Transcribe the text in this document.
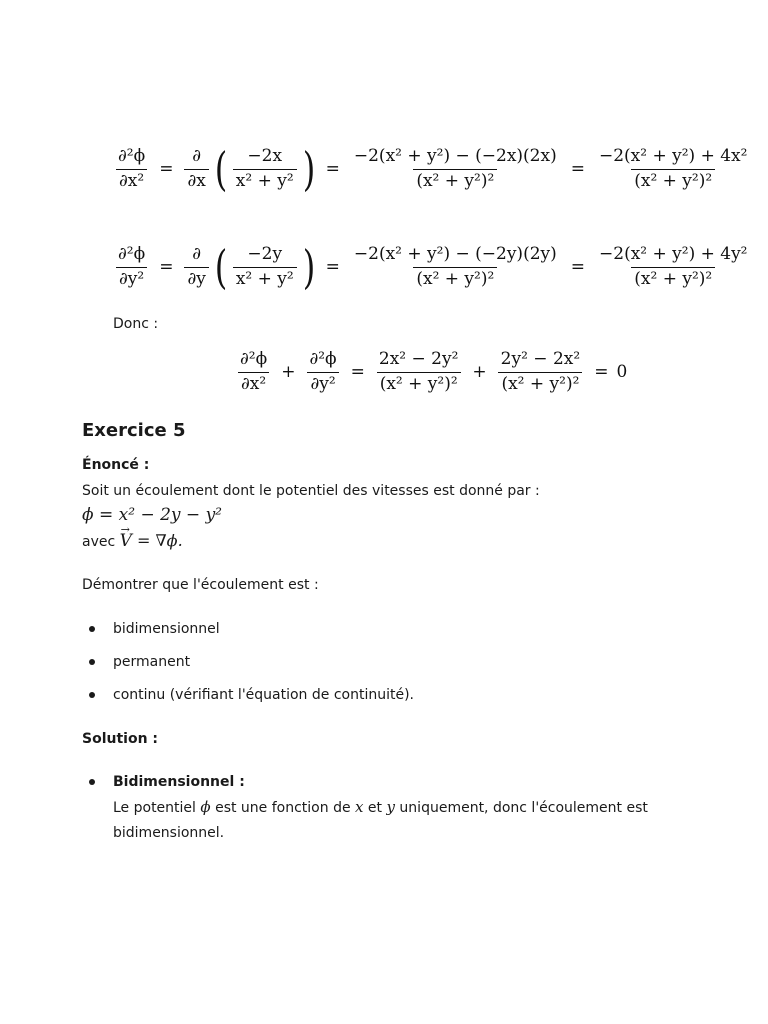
$\frac{\text{∂²ϕ}}{\text{∂x²}} = \frac{\partial}{\partial x}$ ( $\frac{-2x}{\text{x² + y²}}$ ) = $\frac{\text{−2(x² + y²) − (−2x)(2x)}}{\text{(x² + y²)²}} = \frac{\text{−2(x² + y²) + 4x²}}{\text{(x² + y²)²}}$
$\frac{\text{∂²ϕ}}{\text{∂y²}} = \frac{\partial}{\partial y}$ ( $\frac{-2y}{\text{x² + y²}}$ ) = $\frac{\text{−2(x² + y²) − (−2y)(2y)}}{\text{(x² + y²)²}} = \frac{\text{−2(x² + y²) + 4y²}}{\text{(x² + y²)²}}$
Donc :
$\frac{\text{∂²ϕ}}{\text{∂x²}} + \frac{\text{∂²ϕ}}{\text{∂y²}} = \frac{\text{2x² − 2y²}}{\text{(x² + y²)²}} + \frac{\text{2y² − 2x²}}{\text{(x² + y²)²}} = 0$
Exercice 5
Énoncé :
Soit un écoulement dont le potentiel des vitesses est donné par :
ϕ = x² − 2y − y²
avec → V = ∇ϕ.
Démontrer que l'écoulement est :
bidimensionnel
permanent
continu (vérifiant l'équation de continuité).
Solution :
Bidimensionnel :
Le potentiel ϕ est une fonction de x et y uniquement, donc l'écoulement est
bidimensionnel.
